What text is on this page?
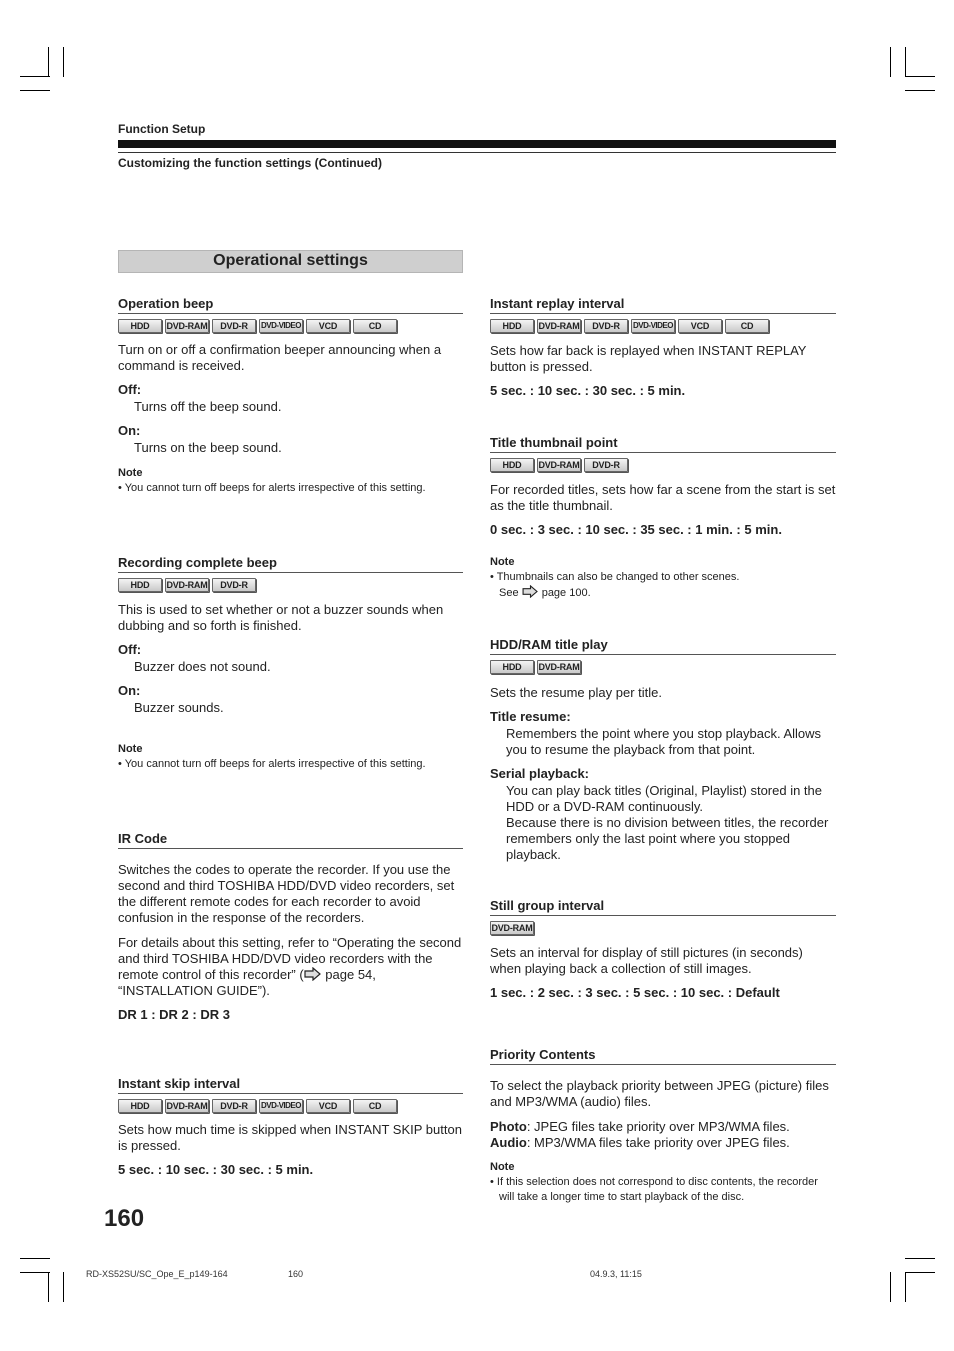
Function Setup
Customizing the function settings (Continued)
Operational settings
Operation beep
HDD	DVD-RAM	DVD-R	DVD-VIDEO	VCD	CD

Turn on or off a confirmation beeper announcing when a command is received.

Off:

Turns off the beep sound.

On:

Turns on the beep sound.

Note
• You cannot turn off beeps for alerts irrespective of this setting.
Recording complete beep
HDD	DVD-RAM	DVD-R

This is used to set whether or not a buzzer sounds when dubbing and so forth is finished.

Off:

Buzzer does not sound.

On:

Buzzer sounds.

Note
• You cannot turn off beeps for alerts irrespective of this setting.
IR Code

Switches the codes to operate the recorder. If you use the second and third TOSHIBA HDD/DVD video recorders, set the different remote codes for each recorder to avoid confusion in the response of the recorders.

For details about this setting, refer to “Operating the second and third TOSHIBA HDD/DVD video recorders with the remote control of this recorder” ( page 54, “INSTALLATION GUIDE”).

DR 1 : DR 2 : DR 3

Instant skip interval
HDD	DVD-RAM	DVD-R	DVD-VIDEO	VCD	CD

Sets how much time is skipped when INSTANT SKIP button is pressed.

5 sec. : 10 sec. : 30 sec. : 5 min.

Instant replay interval
HDD	DVD-RAM	DVD-R	DVD-VIDEO	VCD	CD

Sets how far back is replayed when INSTANT REPLAY button is pressed.

5 sec. : 10 sec. : 30 sec. : 5 min.

Title thumbnail point
HDD	DVD-RAM	DVD-R

For recorded titles, sets how far a scene from the start is set as the title thumbnail.

0 sec. : 3 sec. : 10 sec. : 35 sec. : 1 min. : 5 min.

Note
• Thumbnails can also be changed to other scenes.
See  page 100.
HDD/RAM title play
HDD	DVD-RAM

Sets the resume play per title.

Title resume:

Remembers the point where you stop playback. Allows you to resume the playback from that point.

Serial playback:

You can play back titles (Original, Playlist) stored in the HDD or a DVD-RAM continuously.

Because there is no division between titles, the recorder remembers only the last point where you stopped playback.

Still group interval
DVD-RAM

Sets an interval for display of still pictures (in seconds) when playing back a collection of still images.

1 sec. : 2 sec. : 3 sec. : 5 sec. : 10 sec. : Default

Priority Contents

To select the playback priority between JPEG (picture) files and MP3/WMA (audio) files.

Photo: JPEG files take priority over MP3/WMA files.

Audio: MP3/WMA files take priority over JPEG files.

Note
• If this selection does not correspond to disc contents, the recorder will take a longer time to start playback of the disc.
160
RD-XS52SU/SC_Ope_E_p149-164	160	04.9.3, 11:15
